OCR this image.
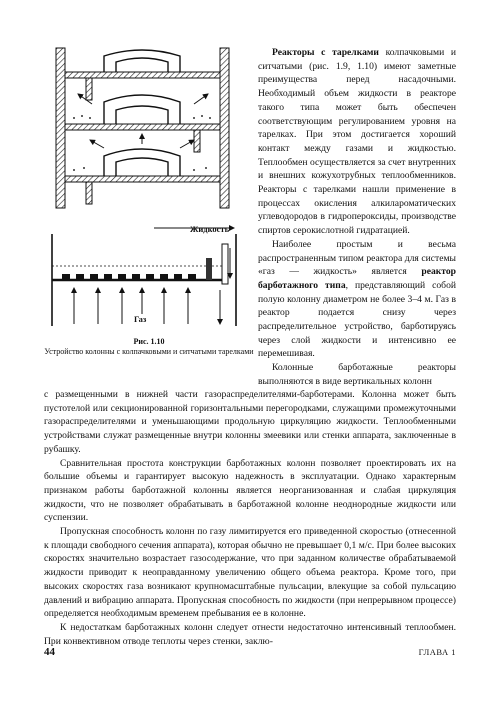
Жидкость
Газ
Рис. 1.10
Устройство колонны с колпачковыми и ситчатыми тарелками

Реакторы с тарелками колпачковыми и ситчатыми (рис. 1.9, 1.10) имеют заметные преимущества перед насадочными. Необходимый объем жидкости в реакторе такого типа может быть обеспечен соответствующим регулированием уровня на тарелках. При этом достигается хороший контакт между газами и жидкостью. Теплообмен осуществляется за счет внутренних и внешних кожухотрубных теплообменников. Реакторы с тарелками нашли применение в процессах окисления алкилароматических углеводородов в гидропероксиды, производстве спиртов серокислотной гидратацией.

Наиболее простым и весьма распространенным типом реактора для системы «газ — жидкость» является реактор барботажного типа, представляющий собой полую колонну диаметром не более 3–4 м. Газ в реактор подается снизу через распределительное устройство, барботируясь через слой жидкости и интенсивно ее перемешивая.

Колонные барботажные реакторы выполняются в виде вертикальных колонн

с размещенными в нижней части газораспределителями-барботерами. Колонна может быть пустотелой или секционированной горизонтальными перегородками, служащими промежуточными газораспределителями и уменьшающими продольную циркуляцию жидкости. Теплообменными устройствами служат размещенные внутри колонны змеевики или стенки аппарата, заключенные в рубашку.

Сравнительная простота конструкции барботажных колонн позволяет проектировать их на большие объемы и гарантирует высокую надежность в эксплуатации. Однако характерным признаком работы барботажной колонны является неорганизованная и слабая циркуляция жидкости, что не позволяет обрабатывать в барботажной колонне неоднородные жидкости или суспензии.

Пропускная способность колонн по газу лимитируется его приведенной скоростью (отнесенной к площади свободного сечения аппарата), которая обычно не превышает 0,1 м/с. При более высоких скоростях значительно возрастает газосодержание, что при заданном количестве обрабатываемой жидкости приводит к неоправданному увеличению общего объема реактора. Кроме того, при высоких скоростях газа возникают крупномасштабные пульсации, влекущие за собой пульсацию давлений и вибрацию аппарата. Пропускная способность по жидкости (при непрерывном процессе) определяется необходимым временем пребывания ее в колонне.

К недостаткам барботажных колонн следует отнести недостаточно интенсивный теплообмен. При конвективном отводе теплоты через стенки, заклю-

44	ГЛАВА 1
